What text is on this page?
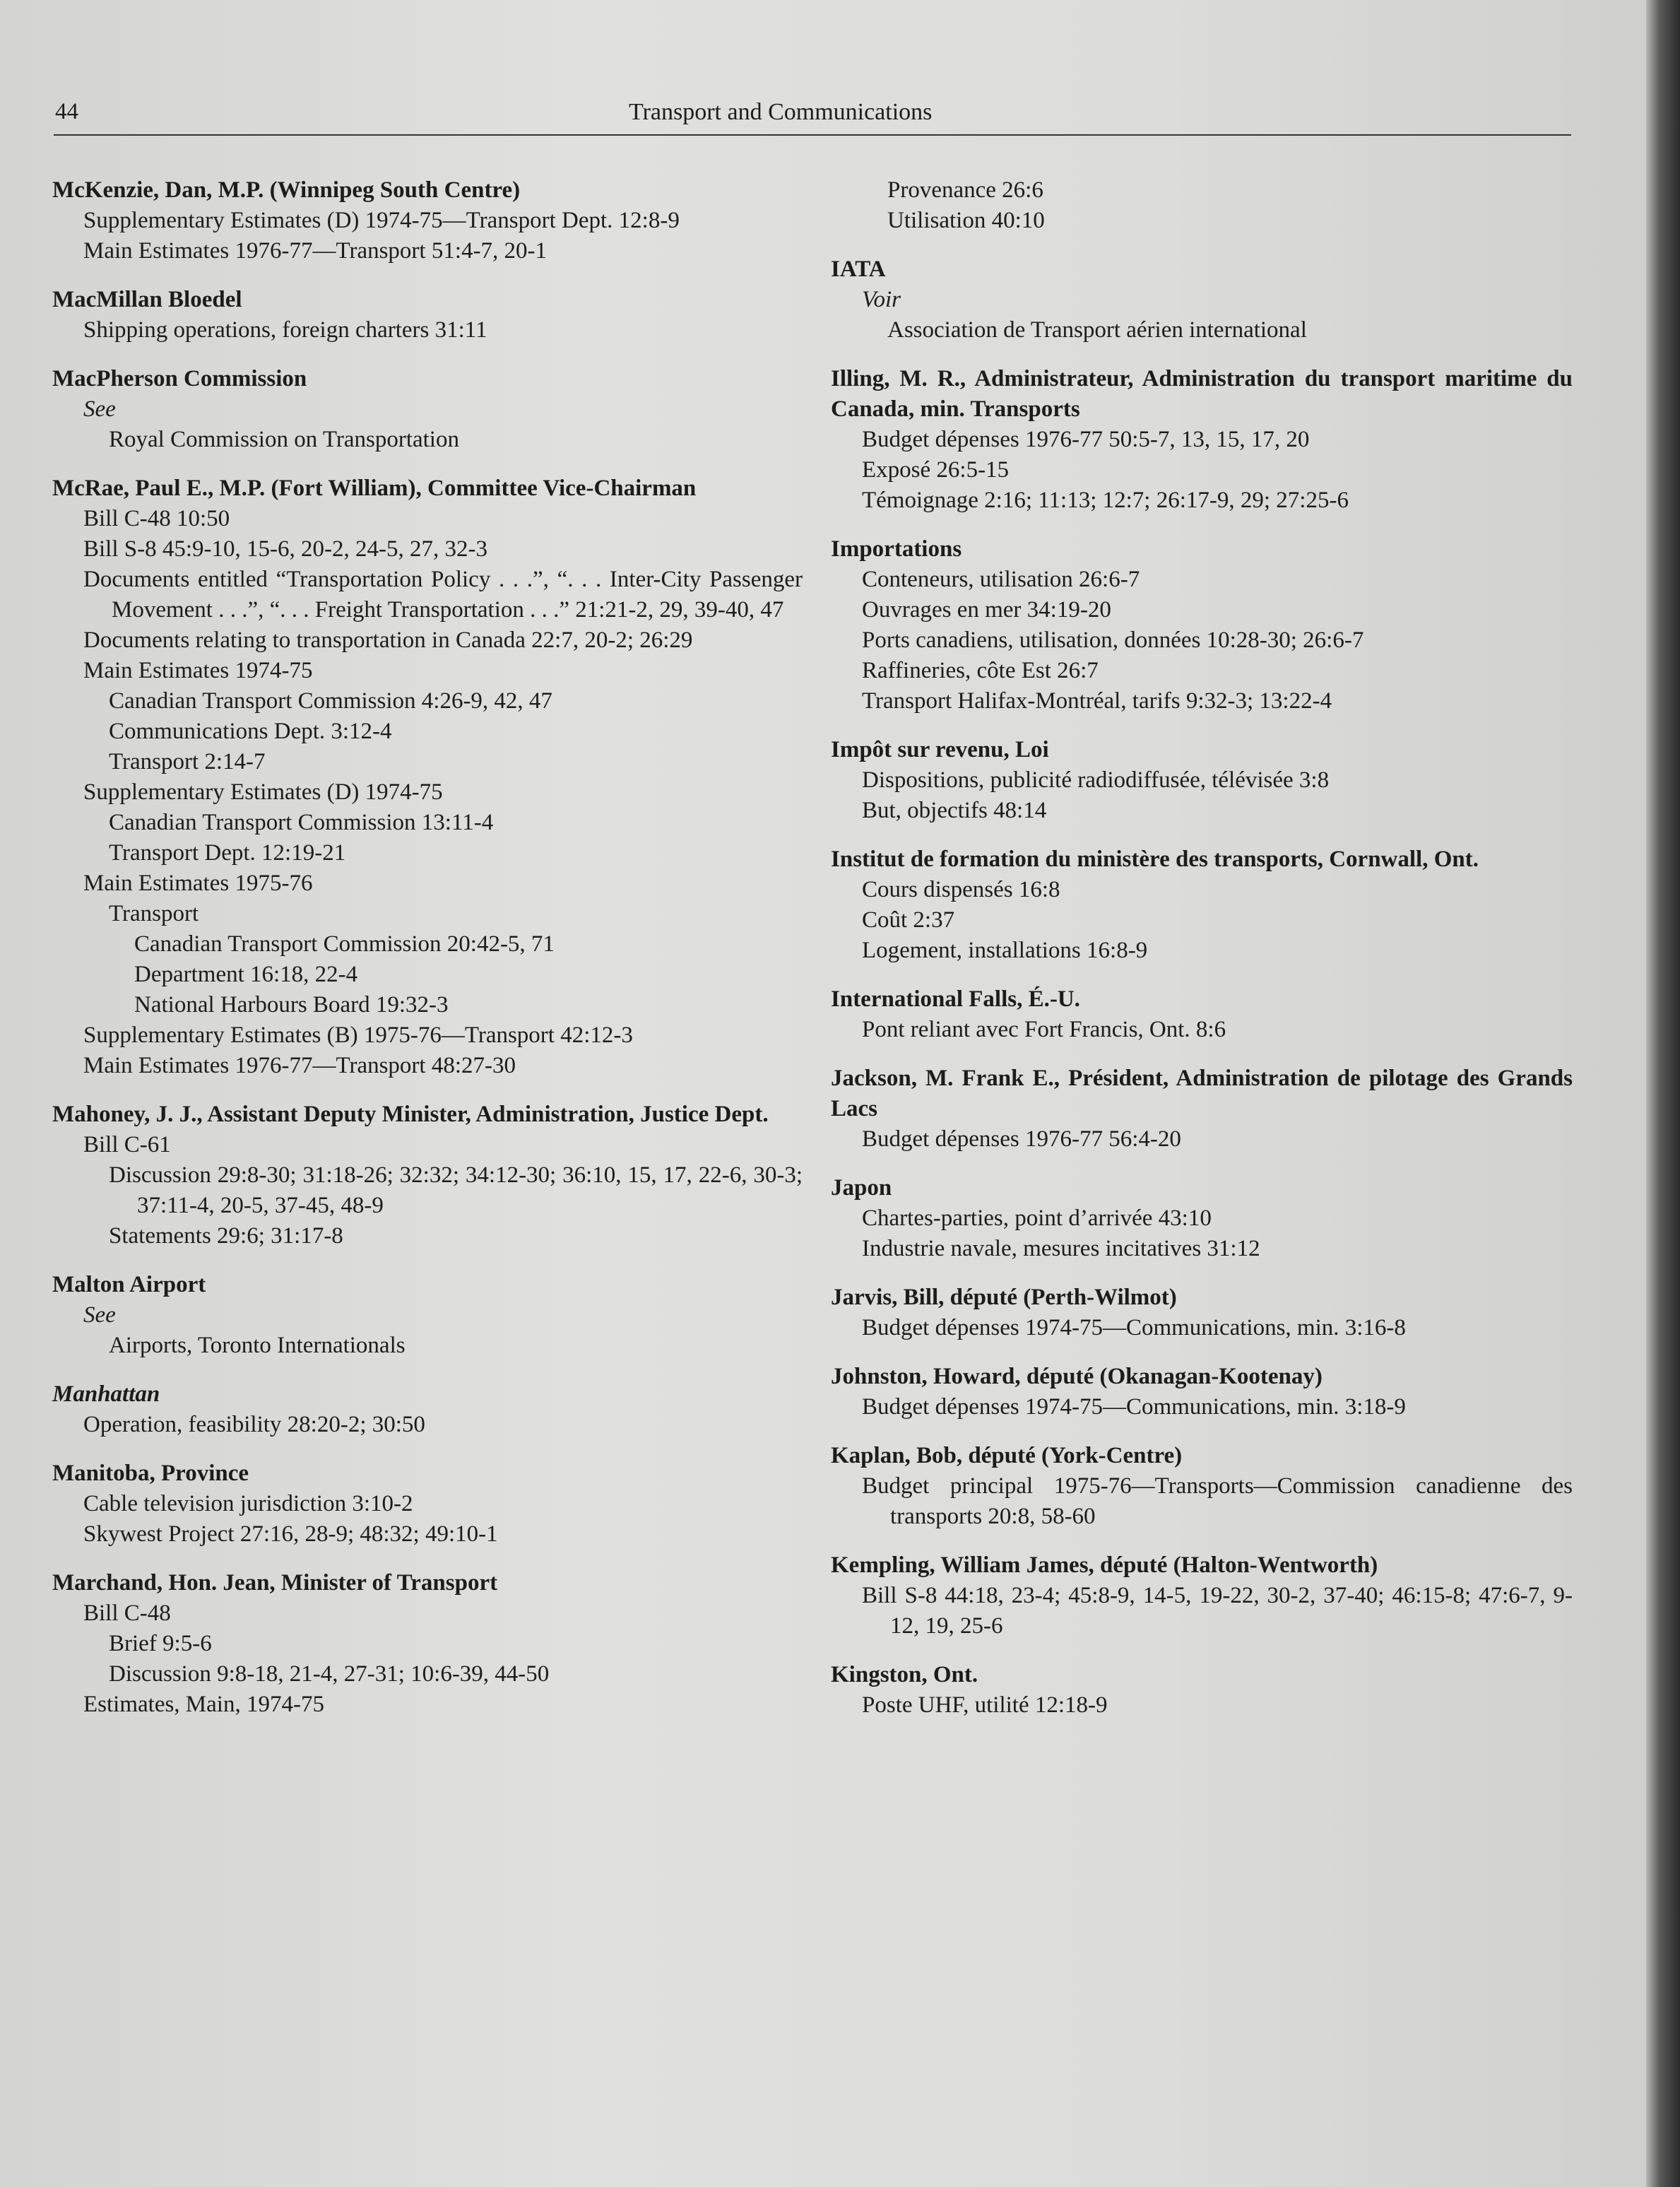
44	Transport and Communications
McKenzie, Dan, M.P. (Winnipeg South Centre)
Supplementary Estimates (D) 1974-75—Transport Dept. 12:8-9
Main Estimates 1976-77—Transport 51:4-7, 20-1
MacMillan Bloedel
Shipping operations, foreign charters 31:11
MacPherson Commission
See
Royal Commission on Transportation
McRae, Paul E., M.P. (Fort William), Committee Vice-Chairman
Bill C-48 10:50
Bill S-8 45:9-10, 15-6, 20-2, 24-5, 27, 32-3
Documents entitled “Transportation Policy . . .”, “. . . Inter-City Passenger Movement . . .”, “. . . Freight Transportation . . .” 21:21-2, 29, 39-40, 47
Documents relating to transportation in Canada 22:7, 20-2; 26:29
Main Estimates 1974-75
Canadian Transport Commission 4:26-9, 42, 47
Communications Dept. 3:12-4
Transport 2:14-7
Supplementary Estimates (D) 1974-75
Canadian Transport Commission 13:11-4
Transport Dept. 12:19-21
Main Estimates 1975-76
Transport
Canadian Transport Commission 20:42-5, 71
Department 16:18, 22-4
National Harbours Board 19:32-3
Supplementary Estimates (B) 1975-76—Transport 42:12-3
Main Estimates 1976-77—Transport 48:27-30
Mahoney, J. J., Assistant Deputy Minister, Administration, Justice Dept.
Bill C-61
Discussion 29:8-30; 31:18-26; 32:32; 34:12-30; 36:10, 15, 17, 22-6, 30-3; 37:11-4, 20-5, 37-45, 48-9
Statements 29:6; 31:17-8
Malton Airport
See
Airports, Toronto Internationals
Manhattan
Operation, feasibility 28:20-2; 30:50
Manitoba, Province
Cable television jurisdiction 3:10-2
Skywest Project 27:16, 28-9; 48:32; 49:10-1
Marchand, Hon. Jean, Minister of Transport
Bill C-48
Brief 9:5-6
Discussion 9:8-18, 21-4, 27-31; 10:6-39, 44-50
Estimates, Main, 1974-75
Provenance 26:6
Utilisation 40:10
IATA
Voir
Association de Transport aérien international
Illing, M. R., Administrateur, Administration du transport maritime du Canada, min. Transports
Budget dépenses 1976-77 50:5-7, 13, 15, 17, 20
Exposé 26:5-15
Témoignage 2:16; 11:13; 12:7; 26:17-9, 29; 27:25-6
Importations
Conteneurs, utilisation 26:6-7
Ouvrages en mer 34:19-20
Ports canadiens, utilisation, données 10:28-30; 26:6-7
Raffineries, côte Est 26:7
Transport Halifax-Montréal, tarifs 9:32-3; 13:22-4
Impôt sur revenu, Loi
Dispositions, publicité radiodiffusée, télévisée 3:8
But, objectifs 48:14
Institut de formation du ministère des transports, Cornwall, Ont.
Cours dispensés 16:8
Coût 2:37
Logement, installations 16:8-9
International Falls, É.-U.
Pont reliant avec Fort Francis, Ont. 8:6
Jackson, M. Frank E., Président, Administration de pilotage des Grands Lacs
Budget dépenses 1976-77 56:4-20
Japon
Chartes-parties, point d’arrivée 43:10
Industrie navale, mesures incitatives 31:12
Jarvis, Bill, député (Perth-Wilmot)
Budget dépenses 1974-75—Communications, min. 3:16-8
Johnston, Howard, député (Okanagan-Kootenay)
Budget dépenses 1974-75—Communications, min. 3:18-9
Kaplan, Bob, député (York-Centre)
Budget principal 1975-76—Transports—Commission canadienne des transports 20:8, 58-60
Kempling, William James, député (Halton-Wentworth)
Bill S-8 44:18, 23-4; 45:8-9, 14-5, 19-22, 30-2, 37-40; 46:15-8; 47:6-7, 9-12, 19, 25-6
Kingston, Ont.
Poste UHF, utilité 12:18-9
